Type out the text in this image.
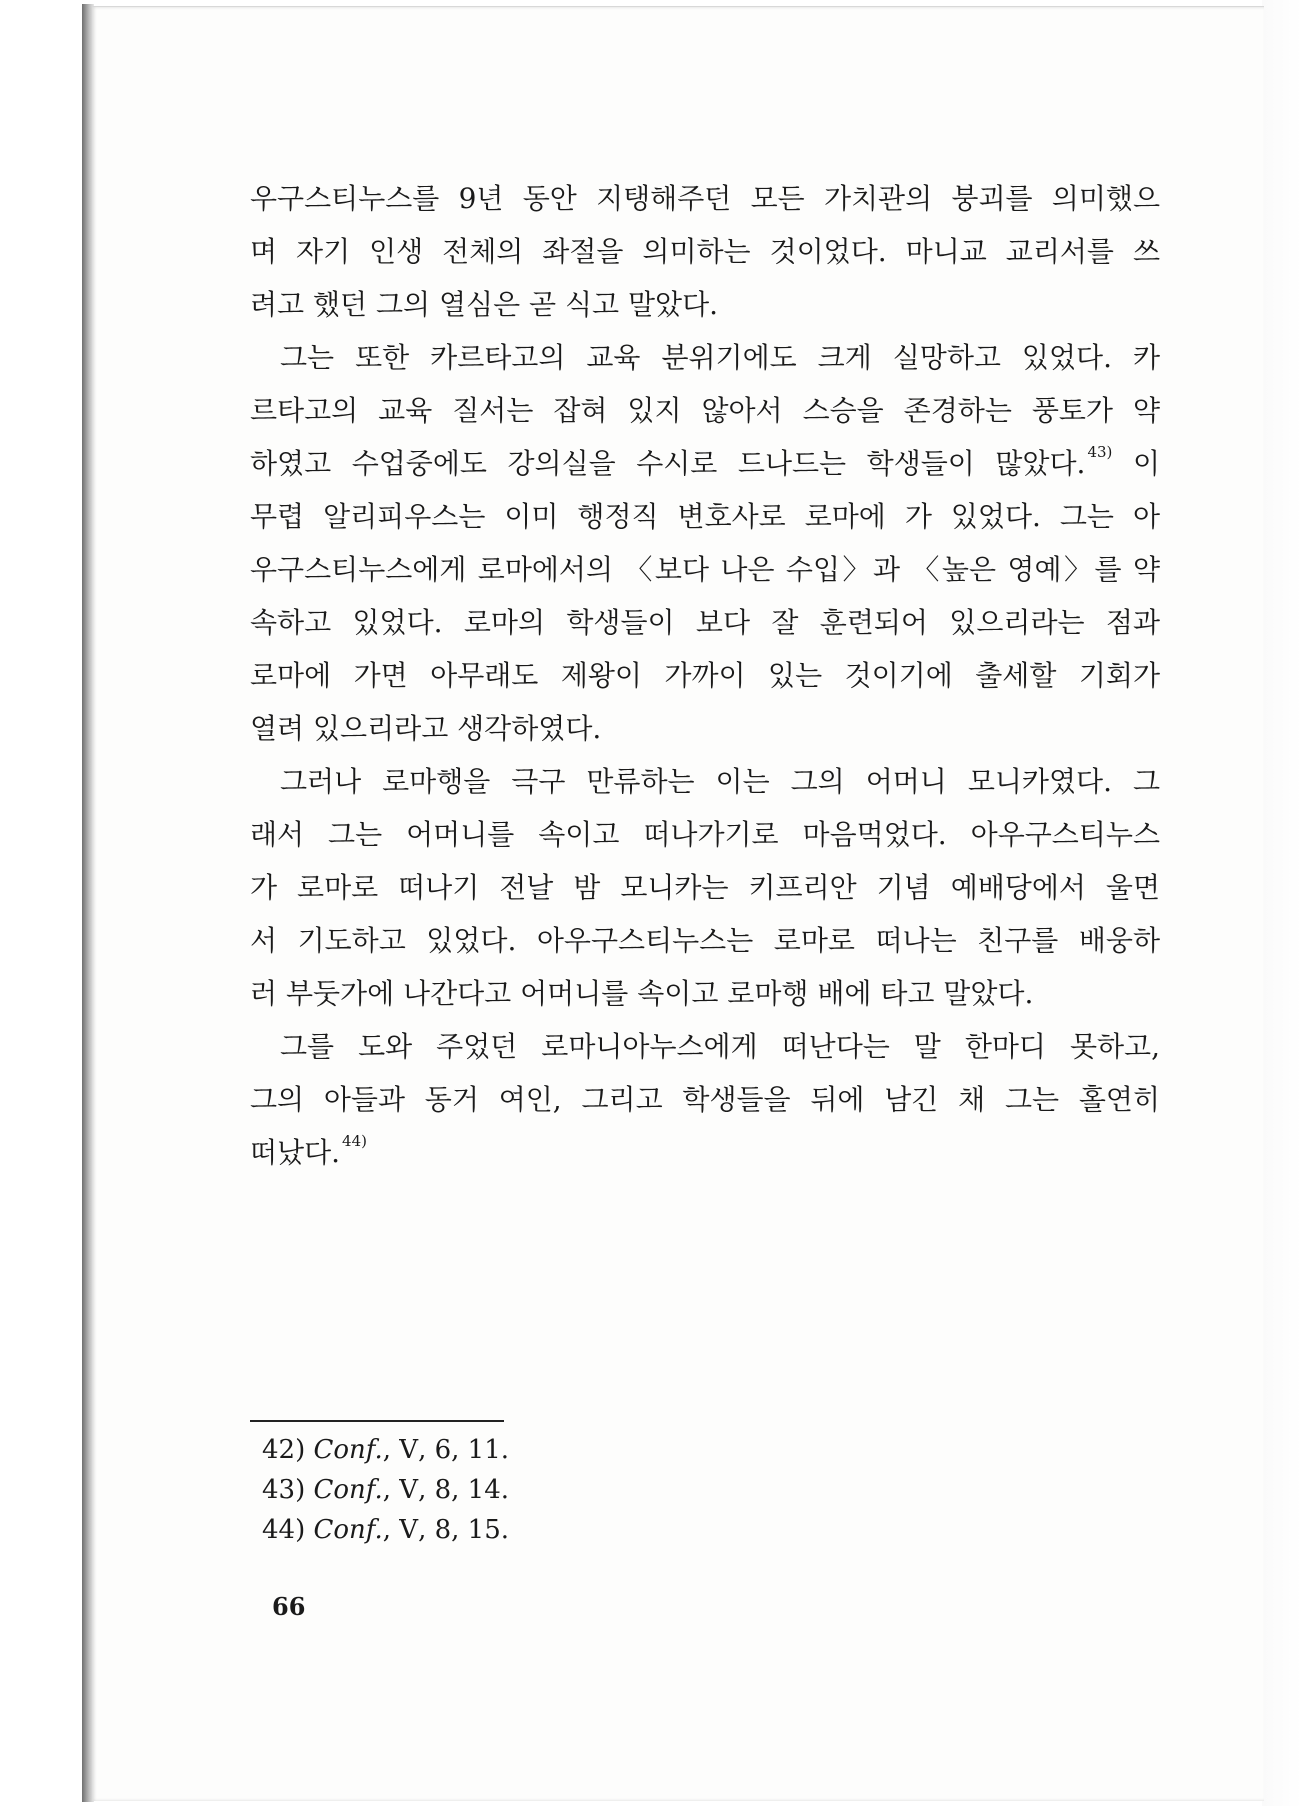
우구스티누스를 9년 동안 지탱해주던 모든 가치관의 붕괴를 의미했으
며 자기 인생 전체의 좌절을 의미하는 것이었다. 마니교 교리서를 쓰
려고 했던 그의 열심은 곧 식고 말았다.
그는 또한 카르타고의 교육 분위기에도 크게 실망하고 있었다. 카
르타고의 교육 질서는 잡혀 있지 않아서 스승을 존경하는 풍토가 약
하였고 수업중에도 강의실을 수시로 드나드는 학생들이 많았다. $^{43)}$ 이
무렵 알리피우스는 이미 행정직 변호사로 로마에 가 있었다. 그는 아
우구스티누스에게 로마에서의 〈보다 나은 수입〉과 〈높은 영예〉를 약
속하고 있었다. 로마의 학생들이 보다 잘 훈련되어 있으리라는 점과
로마에 가면 아무래도 제왕이 가까이 있는 것이기에 출세할 기회가
열려 있으리라고 생각하였다.
그러나 로마행을 극구 만류하는 이는 그의 어머니 모니카였다. 그
래서 그는 어머니를 속이고 떠나가기로 마음먹었다. 아우구스티누스
가 로마로 떠나기 전날 밤 모니카는 키프리안 기념 예배당에서 울면
서 기도하고 있었다. 아우구스티누스는 로마로 떠나는 친구를 배웅하
러 부둣가에 나간다고 어머니를 속이고 로마행 배에 타고 말았다.
그를 도와 주었던 로마니아누스에게 떠난다는 말 한마디 못하고,
그의 아들과 동거 여인, 그리고 학생들을 뒤에 남긴 채 그는 홀연히
떠났다. $^{44)}$
42) Conf., Ⅴ, 6, 11.
43) Conf., Ⅴ, 8, 14.
44) Conf., Ⅴ, 8, 15.
66
